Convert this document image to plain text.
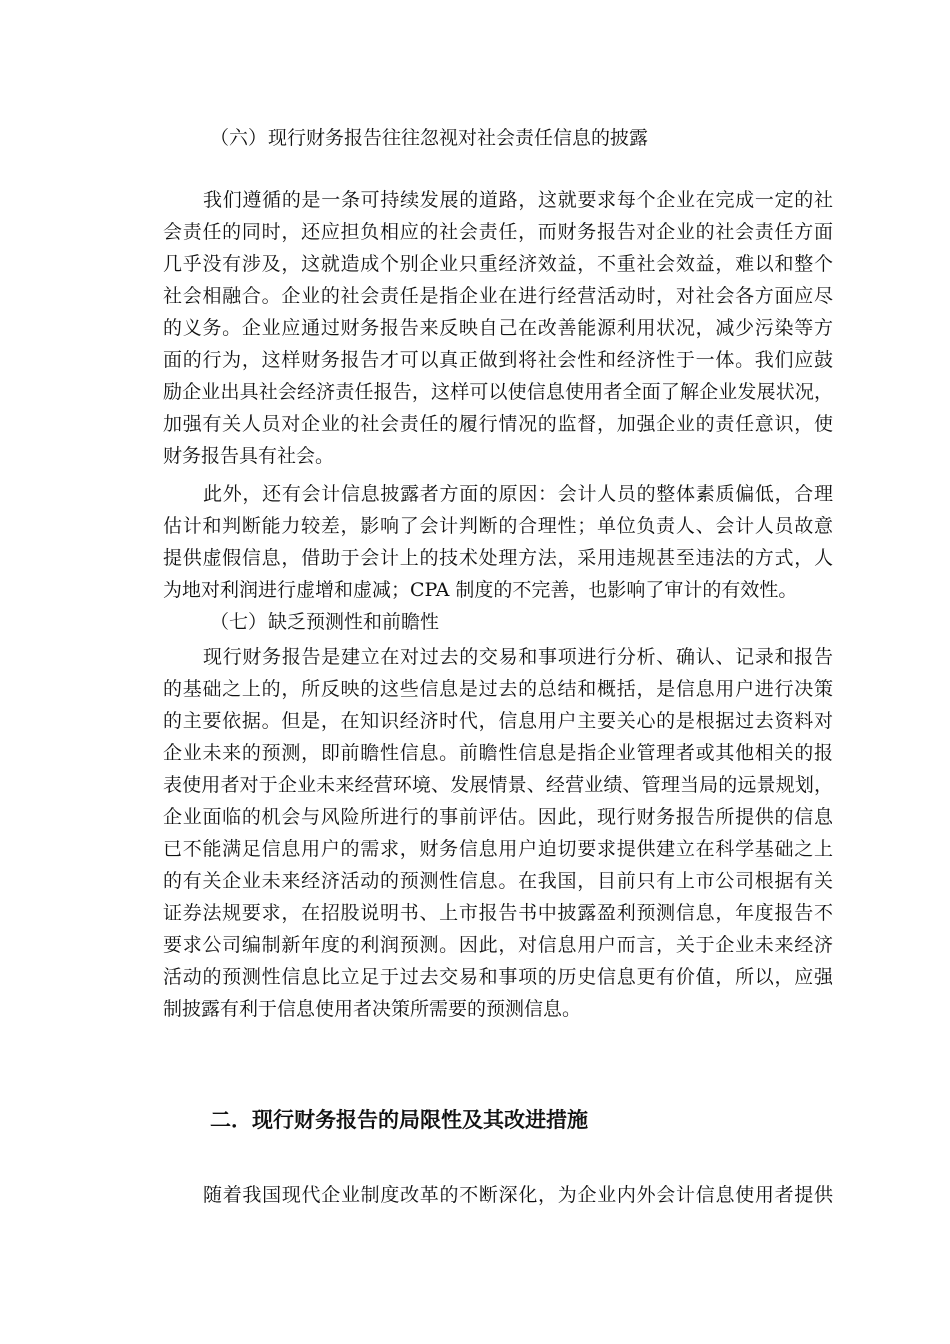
（六）现行财务报告往往忽视对社会责任信息的披露
我们遵循的是一条可持续发展的道路，这就要求每个企业在完成一定的社
会责任的同时，还应担负相应的社会责任，而财务报告对企业的社会责任方面
几乎没有涉及，这就造成个别企业只重经济效益，不重社会效益，难以和整个
社会相融合。企业的社会责任是指企业在进行经营活动时，对社会各方面应尽
的义务。企业应通过财务报告来反映自己在改善能源利用状况，减少污染等方
面的行为，这样财务报告才可以真正做到将社会性和经济性于一体。我们应鼓
励企业出具社会经济责任报告，这样可以使信息使用者全面了解企业发展状况，
加强有关人员对企业的社会责任的履行情况的监督，加强企业的责任意识，使
财务报告具有社会。
此外，还有会计信息披露者方面的原因：会计人员的整体素质偏低，合理
估计和判断能力较差，影响了会计判断的合理性；单位负责人、会计人员故意
提供虚假信息，借助于会计上的技术处理方法，采用违规甚至违法的方式，人
为地对利润进行虚增和虚减；CPA 制度的不完善，也影响了审计的有效性。
（七）缺乏预测性和前瞻性
现行财务报告是建立在对过去的交易和事项进行分析、确认、记录和报告
的基础之上的，所反映的这些信息是过去的总结和概括，是信息用户进行决策
的主要依据。但是，在知识经济时代，信息用户主要关心的是根据过去资料对
企业未来的预测，即前瞻性信息。前瞻性信息是指企业管理者或其他相关的报
表使用者对于企业未来经营环境、发展情景、经营业绩、管理当局的远景规划，
企业面临的机会与风险所进行的事前评估。因此，现行财务报告所提供的信息
已不能满足信息用户的需求，财务信息用户迫切要求提供建立在科学基础之上
的有关企业未来经济活动的预测性信息。在我国，目前只有上市公司根据有关
证券法规要求，在招股说明书、上市报告书中披露盈利预测信息，年度报告不
要求公司编制新年度的利润预测。因此，对信息用户而言，关于企业未来经济
活动的预测性信息比立足于过去交易和事项的历史信息更有价值，所以，应强
制披露有利于信息使用者决策所需要的预测信息。
二．现行财务报告的局限性及其改进措施
随着我国现代企业制度改革的不断深化，为企业内外会计信息使用者提供
